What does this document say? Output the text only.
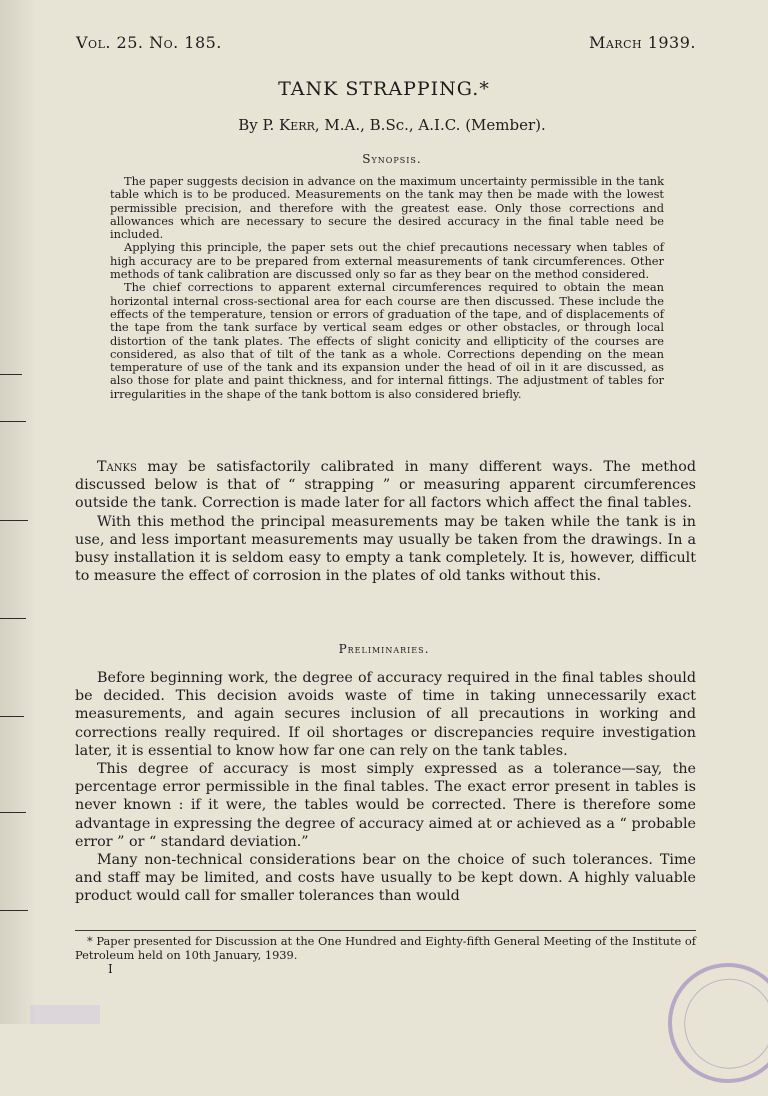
Vol. 25. No. 185.	March 1939.
TANK STRAPPING.*
By P. Kerr, M.A., B.Sc., A.I.C. (Member).
Synopsis.

The paper suggests decision in advance on the maximum uncertainty permissible in the tank table which is to be produced. Measurements on the tank may then be made with the lowest permissible precision, and therefore with the greatest ease. Only those corrections and allowances which are necessary to secure the desired accuracy in the final table need be included.

Applying this principle, the paper sets out the chief precautions necessary when tables of high accuracy are to be prepared from external measurements of tank circumferences. Other methods of tank calibration are discussed only so far as they bear on the method considered.

The chief corrections to apparent external circumferences required to obtain the mean horizontal internal cross-sectional area for each course are then discussed. These include the effects of the temperature, tension or errors of graduation of the tape, and of displacements of the tape from the tank surface by vertical seam edges or other obstacles, or through local distortion of the tank plates. The effects of slight conicity and ellipticity of the courses are considered, as also that of tilt of the tank as a whole. Corrections depending on the mean temperature of use of the tank and its expansion under the head of oil in it are discussed, as also those for plate and paint thickness, and for internal fittings. The adjustment of tables for irregularities in the shape of the tank bottom is also considered briefly.

Tanks may be satisfactorily calibrated in many different ways. The method discussed below is that of “ strapping ” or measuring apparent circumferences outside the tank. Correction is made later for all factors which affect the final tables.

With this method the principal measurements may be taken while the tank is in use, and less important measurements may usually be taken from the drawings. In a busy installation it is seldom easy to empty a tank completely. It is, however, difficult to measure the effect of corrosion in the plates of old tanks without this.

Preliminaries.

Before beginning work, the degree of accuracy required in the final tables should be decided. This decision avoids waste of time in taking unnecessarily exact measurements, and again secures inclusion of all precautions in working and corrections really required. If oil shortages or discrepancies require investigation later, it is essential to know how far one can rely on the tank tables.

This degree of accuracy is most simply expressed as a tolerance—say, the percentage error permissible in the final tables. The exact error present in tables is never known : if it were, the tables would be corrected. There is therefore some advantage in expressing the degree of accuracy aimed at or achieved as a “ probable error ” or “ standard deviation.”

Many non-technical considerations bear on the choice of such tolerances. Time and staff may be limited, and costs have usually to be kept down. A highly valuable product would call for smaller tolerances than would

* Paper presented for Discussion at the One Hundred and Eighty-fifth General Meeting of the Institute of Petroleum held on 10th January, 1939.

I
